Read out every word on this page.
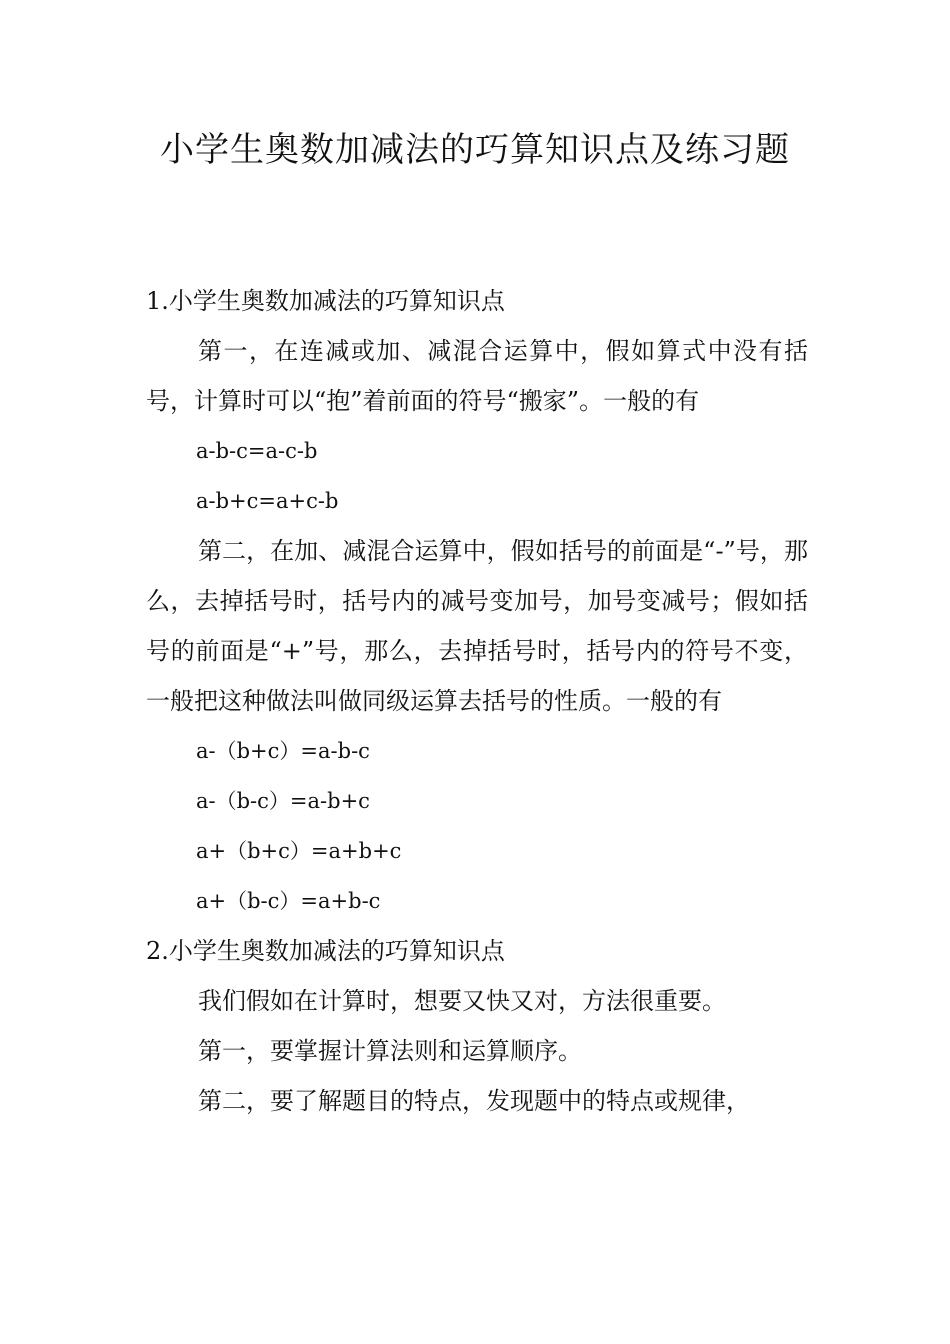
小学生奥数加减法的巧算知识点及练习题
1.小学生奥数加减法的巧算知识点

第一，在连减或加、减混合运算中，假如算式中没有括号，计算时可以“抱”着前面的符号“搬家”。一般的有

a-b-c=a-c-b
a-b+c=a+c-b

第二，在加、减混合运算中，假如括号的前面是“-”号，那么，去掉括号时，括号内的减号变加号，加号变减号；假如括号的前面是“+”号，那么，去掉括号时，括号内的符号不变，一般把这种做法叫做同级运算去括号的性质。一般的有

a-（b+c）=a-b-c
a-（b-c）=a-b+c
a+（b+c）=a+b+c
a+（b-c）=a+b-c
2.小学生奥数加减法的巧算知识点

我们假如在计算时，想要又快又对，方法很重要。

第一，要掌握计算法则和运算顺序。

第二，要了解题目的特点，发现题中的特点或规律，
